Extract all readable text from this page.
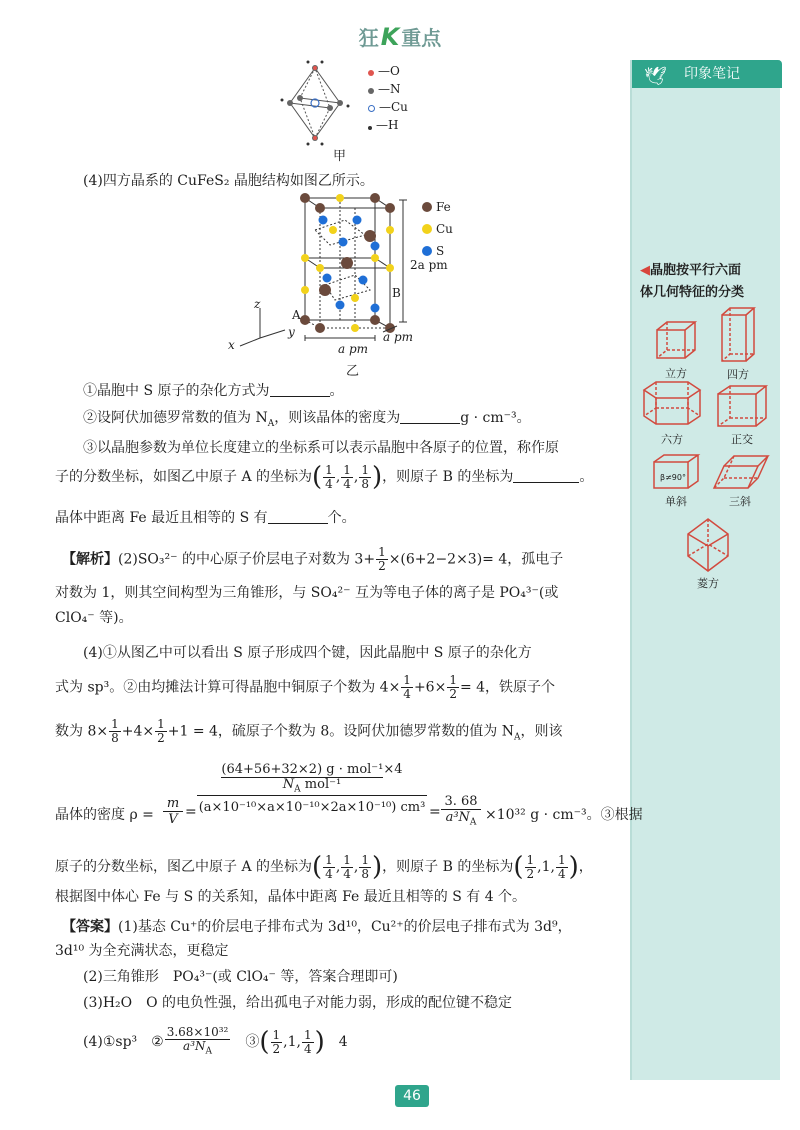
狂K 重点
🕊 印象笔记
◀晶胞按平行六面
体几何特征的分类
立方	四方
六方	正交
β≠90°
单斜	三斜
菱方
—O
—N
—Cu
—H
甲
(4)四方晶系的 CuFeS₂ 晶胞结构如图乙所示。
2a pm
a pm
a pm
A
B
z
y
x
乙
Fe
Cu
S
①晶胞中 S 原子的杂化方式为	。
②设阿伏加德罗常数的值为 $N_A$，则该晶体的密度为	g · cm⁻³。
③以晶胞参数为单位长度建立的坐标系可以表示晶胞中各原子的位置，称作原
子的分数坐标，如图乙中原子 A 的坐标为( $\frac{1}{4}$ , $\frac{1}{4}$ , $\frac{1}{8}$ )，则原子 B 的坐标为	。
晶体中距离 Fe 最近且相等的 S 有	个。
【解析】(2)SO₃²⁻ 的中心原子价层电子对数为 $3+ \frac{1}{2} \times(6+2-2\times 3)= 4$，孤电子
对数为 1，则其空间构型为三角锥形，与 SO₄²⁻ 互为等电子体的离子是 PO₄³⁻(或
ClO₄⁻ 等)。
(4)①从图乙中可以看出 S 原子形成四个键，因此晶胞中 S 原子的杂化方
式为 sp³。②由均摊法计算可得晶胞中铜原子个数为 $4\times \frac{1}{4} +6\times \frac{1}{2} = 4$，铁原子个
数为 $8\times \frac{1}{8} +4\times \frac{1}{2} +1 = 4$，硫原子个数为 8。设阿伏加德罗常数的值为 $N_A$，则该
晶体的密度 ρ =
m
V =
(64+56+32×2) g · mol⁻¹×4
$N_A$ mol⁻¹
(a×10⁻¹⁰×a×10⁻¹⁰×2a×10⁻¹⁰) $cm^3 = \frac{3. 68}{a^3N_A} \times 10^{32}$ g · cm⁻³。③根据
原子的分数坐标，图乙中原子 A 的坐标为( $\frac{1}{4}$ , $\frac{1}{4}$ , $\frac{1}{8}$ )，则原子 B 的坐标为( $\frac{1}{2} ,1$, $\frac{1}{4}$ )，
根据图中体心 Fe 与 S 的关系知，晶体中距离 Fe 最近且相等的 S 有 4 个。
【答案】(1)基态 Cu⁺的价层电子排布式为 3d¹⁰，Cu²⁺的价层电子排布式为 3d⁹，
3d¹⁰ 为全充满状态，更稳定
(2)三角锥形　PO₄³⁻(或 ClO₄⁻ 等，答案合理即可)
(3)H₂O　O 的电负性强，给出孤电子对能力弱，形成的配位键不稳定
(4)①sp³　② $\frac{\text{3.68×10³²}}{a^3N_A}$
　 ③( $\frac{1}{2} ,1$, $\frac{1}{4}$ )　 4
46
